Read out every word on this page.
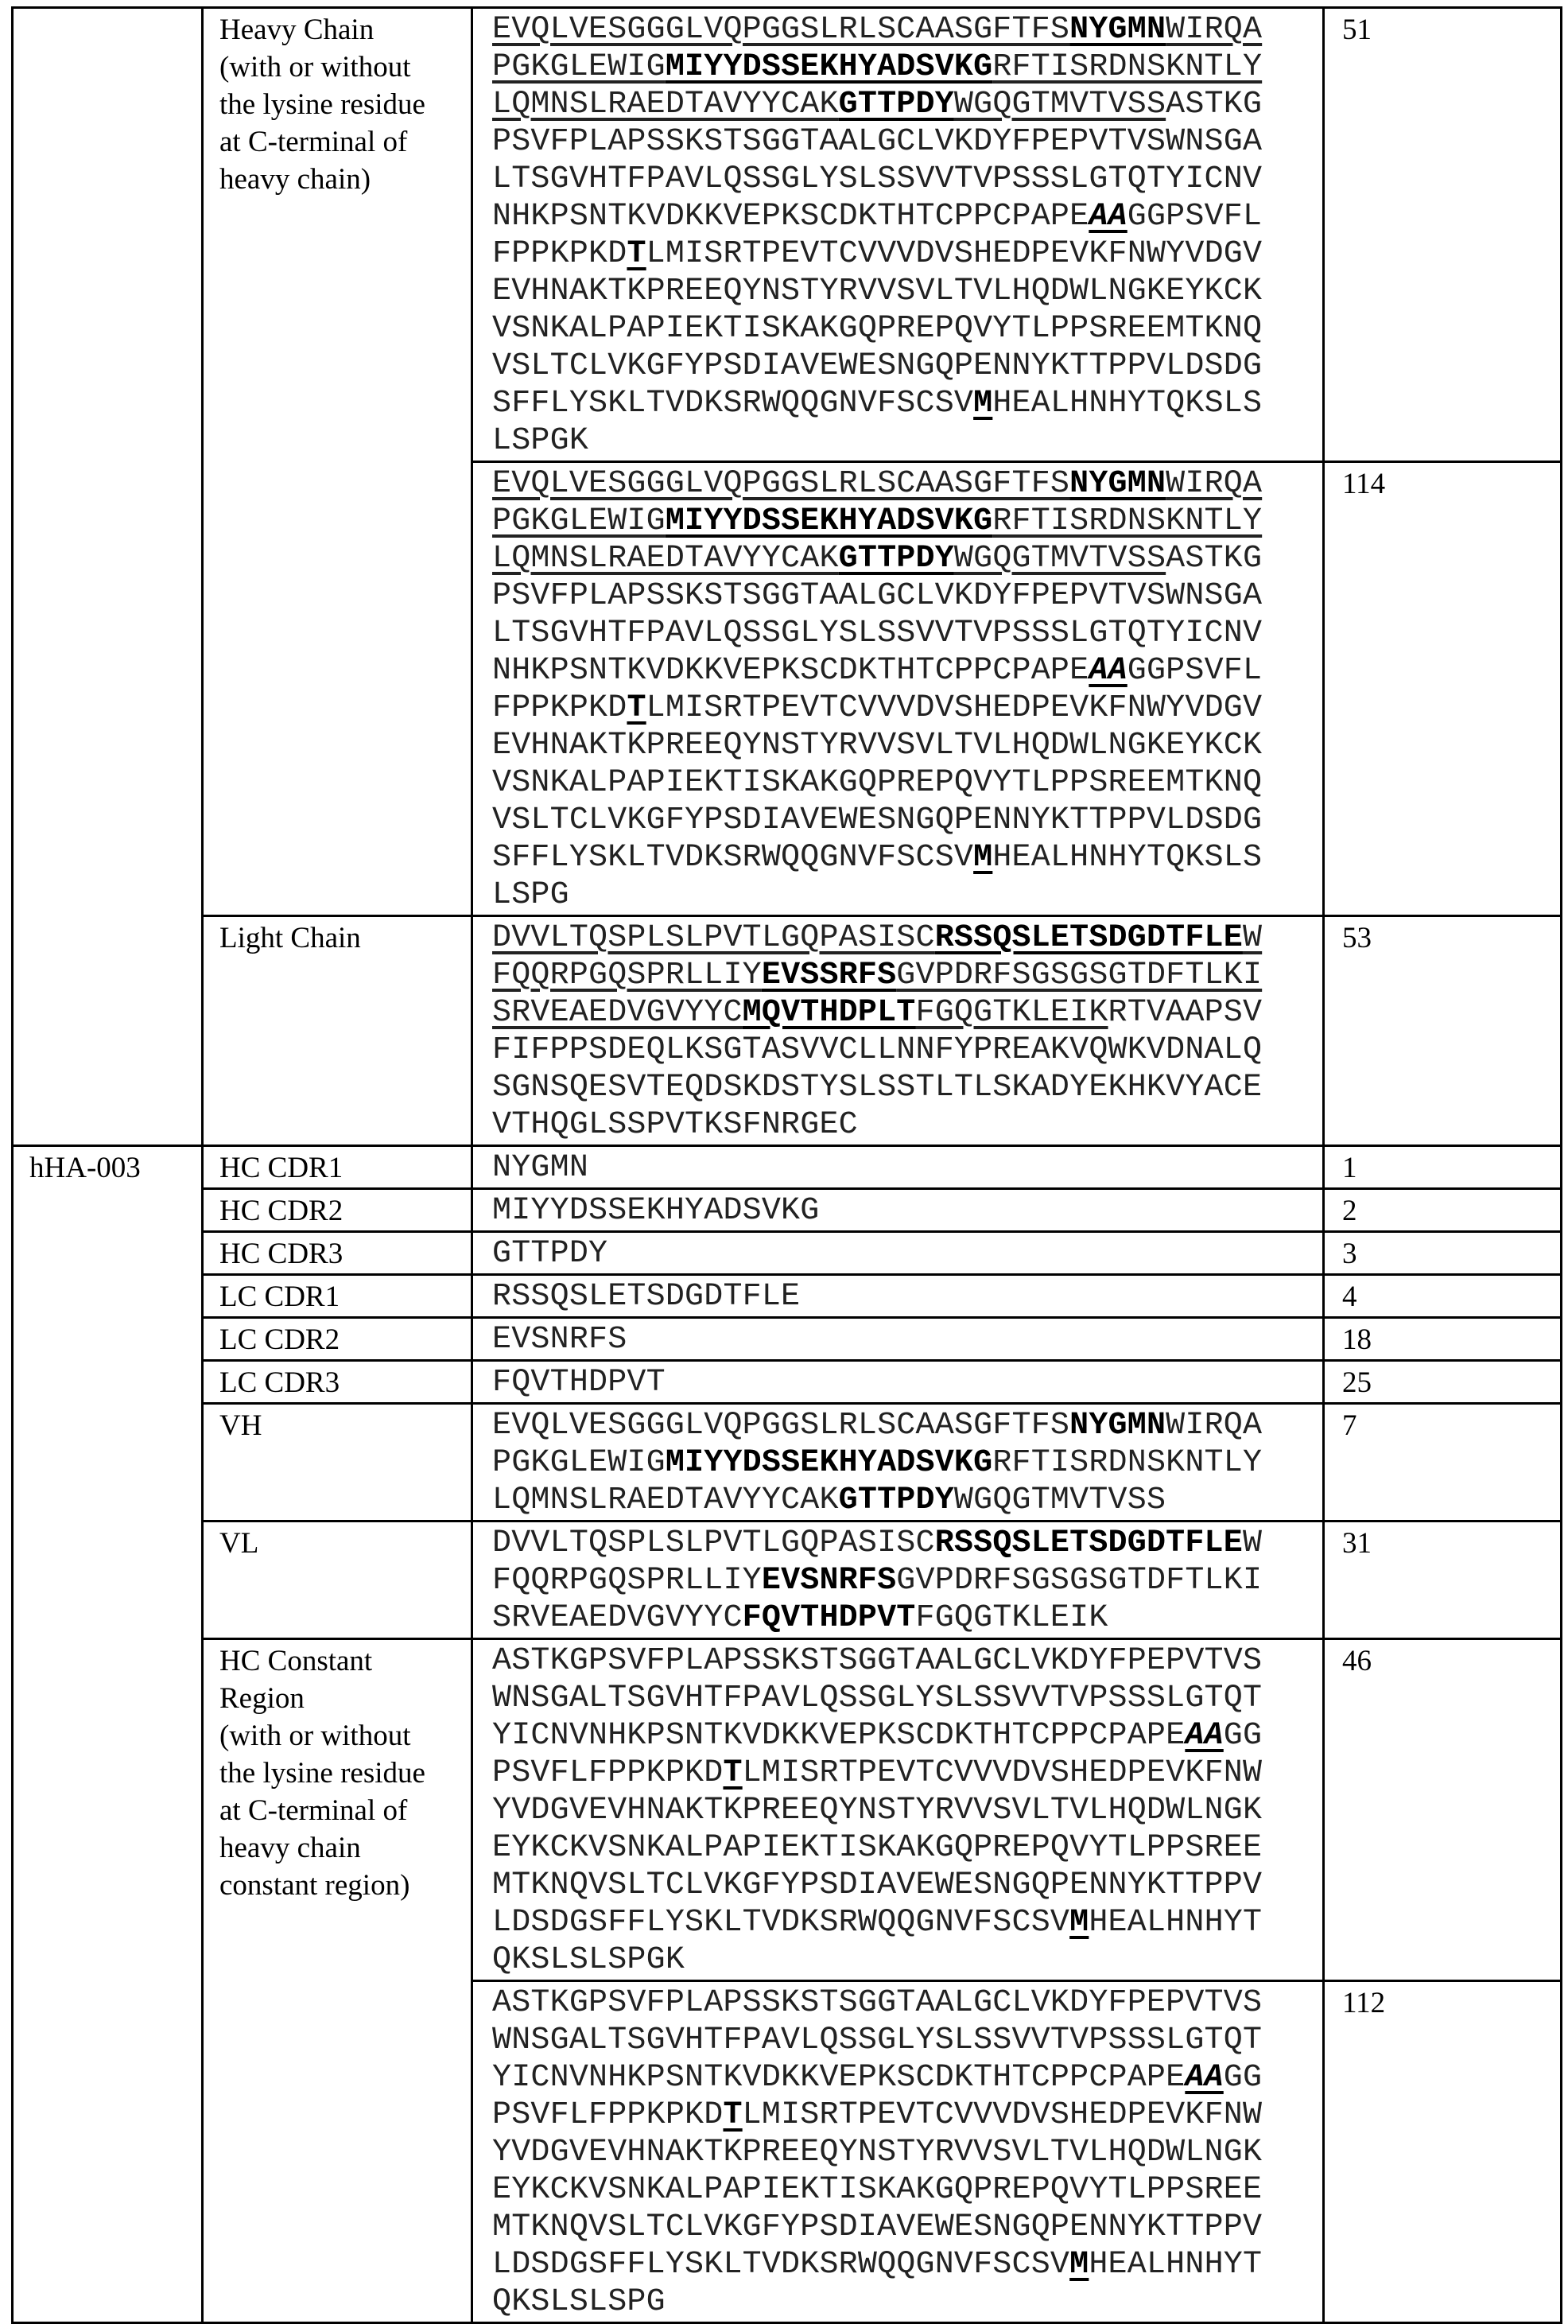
	Heavy Chain
(with or without
the lysine residue
at C-terminal of
heavy chain)	
EVQLVESGGGLVQPGGSLRLSCAASGFTFSNYGMNWIRQA
PGKGLEWIGMIYYDSSEKHYADSVKGRFTISRDNSKNTLY
LQMNSLRAEDTAVYYCAKGTTPDYWGQGTMVTVSSASTKG
PSVFPLAPSSKSTSGGTAALGCLVKDYFPEPVTVSWNSGA
LTSGVHTFPAVLQSSGLYSLSSVVTVPSSSLGTQTYICNV
NHKPSNTKVDKKVEPKSCDKTHTCPPCPAPEAAGGPSVFL
FPPKPKDTLMISRTPEVTCVVVDVSHEDPEVKFNWYVDGV
EVHNAKTKPREEQYNSTYRVVSVLTVLHQDWLNGKEYKCK
VSNKALPAPIEKTISKAKGQPREPQVYTLPPSREEMTKNQ
VSLTCLVKGFYPSDIAVEWESNGQPENNYKTTPPVLDSDG
SFFLYSKLTVDKSRWQQGNVFSCSVMHEALHNHYTQKSLS
LSPGK
	51

EVQLVESGGGLVQPGGSLRLSCAASGFTFSNYGMNWIRQA
PGKGLEWIGMIYYDSSEKHYADSVKGRFTISRDNSKNTLY
LQMNSLRAEDTAVYYCAKGTTPDYWGQGTMVTVSSASTKG
PSVFPLAPSSKSTSGGTAALGCLVKDYFPEPVTVSWNSGA
LTSGVHTFPAVLQSSGLYSLSSVVTVPSSSLGTQTYICNV
NHKPSNTKVDKKVEPKSCDKTHTCPPCPAPEAAGGPSVFL
FPPKPKDTLMISRTPEVTCVVVDVSHEDPEVKFNWYVDGV
EVHNAKTKPREEQYNSTYRVVSVLTVLHQDWLNGKEYKCK
VSNKALPAPIEKTISKAKGQPREPQVYTLPPSREEMTKNQ
VSLTCLVKGFYPSDIAVEWESNGQPENNYKTTPPVLDSDG
SFFLYSKLTVDKSRWQQGNVFSCSVMHEALHNHYTQKSLS
LSPG
	114
Light Chain	DVVLTQSPLSLPVTLGQPASISCRSSQSLETSDGDTFLEW
FQQRPGQSPRLLIYEVSSRFSGVPDRFSGSGSGTDFTLKI
SRVEAEDVGVYYCMQVTHDPLTFGQGTKLEIKRTVAAPSV
FIFPPSDEQLKSGTASVVCLLNNFYPREAKVQWKVDNALQ
SGNSQESVTEQDSKDSTYSLSSTLTLSKADYEKHKVYACE
VTHQGLSSPVTKSFNRGEC
	53
hHA-003	HC CDR1	NYGMN	1
HC CDR2	MIYYDSSEKHYADSVKG	2
HC CDR3	GTTPDY	3
LC CDR1	RSSQSLETSDGDTFLE	4
LC CDR2	EVSNRFS	18
LC CDR3	FQVTHDPVT	25
VH	EVQLVESGGGLVQPGGSLRLSCAASGFTFSNYGMNWIRQA
PGKGLEWIGMIYYDSSEKHYADSVKGRFTISRDNSKNTLY
LQMNSLRAEDTAVYYCAKGTTPDYWGQGTMVTVSS
	7
VL	DVVLTQSPLSLPVTLGQPASISCRSSQSLETSDGDTFLEW
FQQRPGQSPRLLIYEVSNRFSGVPDRFSGSGSGTDFTLKI
SRVEAEDVGVYYCFQVTHDPVTFGQGTKLEIK
	31
HC Constant
Region
(with or without
the lysine residue
at C-terminal of
heavy chain
constant region)	
ASTKGPSVFPLAPSSKSTSGGTAALGCLVKDYFPEPVTVS
WNSGALTSGVHTFPAVLQSSGLYSLSSVVTVPSSSLGTQT
YICNVNHKPSNTKVDKKVEPKSCDKTHTCPPCPAPEAAGG
PSVFLFPPKPKDTLMISRTPEVTCVVVDVSHEDPEVKFNW
YVDGVEVHNAKTKPREEQYNSTYRVVSVLTVLHQDWLNGK
EYKCKVSNKALPAPIEKTISKAKGQPREPQVYTLPPSREE
MTKNQVSLTCLVKGFYPSDIAVEWESNGQPENNYKTTPPV
LDSDGSFFLYSKLTVDKSRWQQGNVFSCSVMHEALHNHYT
QKSLSLSPGK
	46

ASTKGPSVFPLAPSSKSTSGGTAALGCLVKDYFPEPVTVS
WNSGALTSGVHTFPAVLQSSGLYSLSSVVTVPSSSLGTQT
YICNVNHKPSNTKVDKKVEPKSCDKTHTCPPCPAPEAAGG
PSVFLFPPKPKDTLMISRTPEVTCVVVDVSHEDPEVKFNW
YVDGVEVHNAKTKPREEQYNSTYRVVSVLTVLHQDWLNGK
EYKCKVSNKALPAPIEKTISKAKGQPREPQVYTLPPSREE
MTKNQVSLTCLVKGFYPSDIAVEWESNGQPENNYKTTPPV
LDSDGSFFLYSKLTVDKSRWQQGNVFSCSVMHEALHNHYT
QKSLSLSPG
	112
